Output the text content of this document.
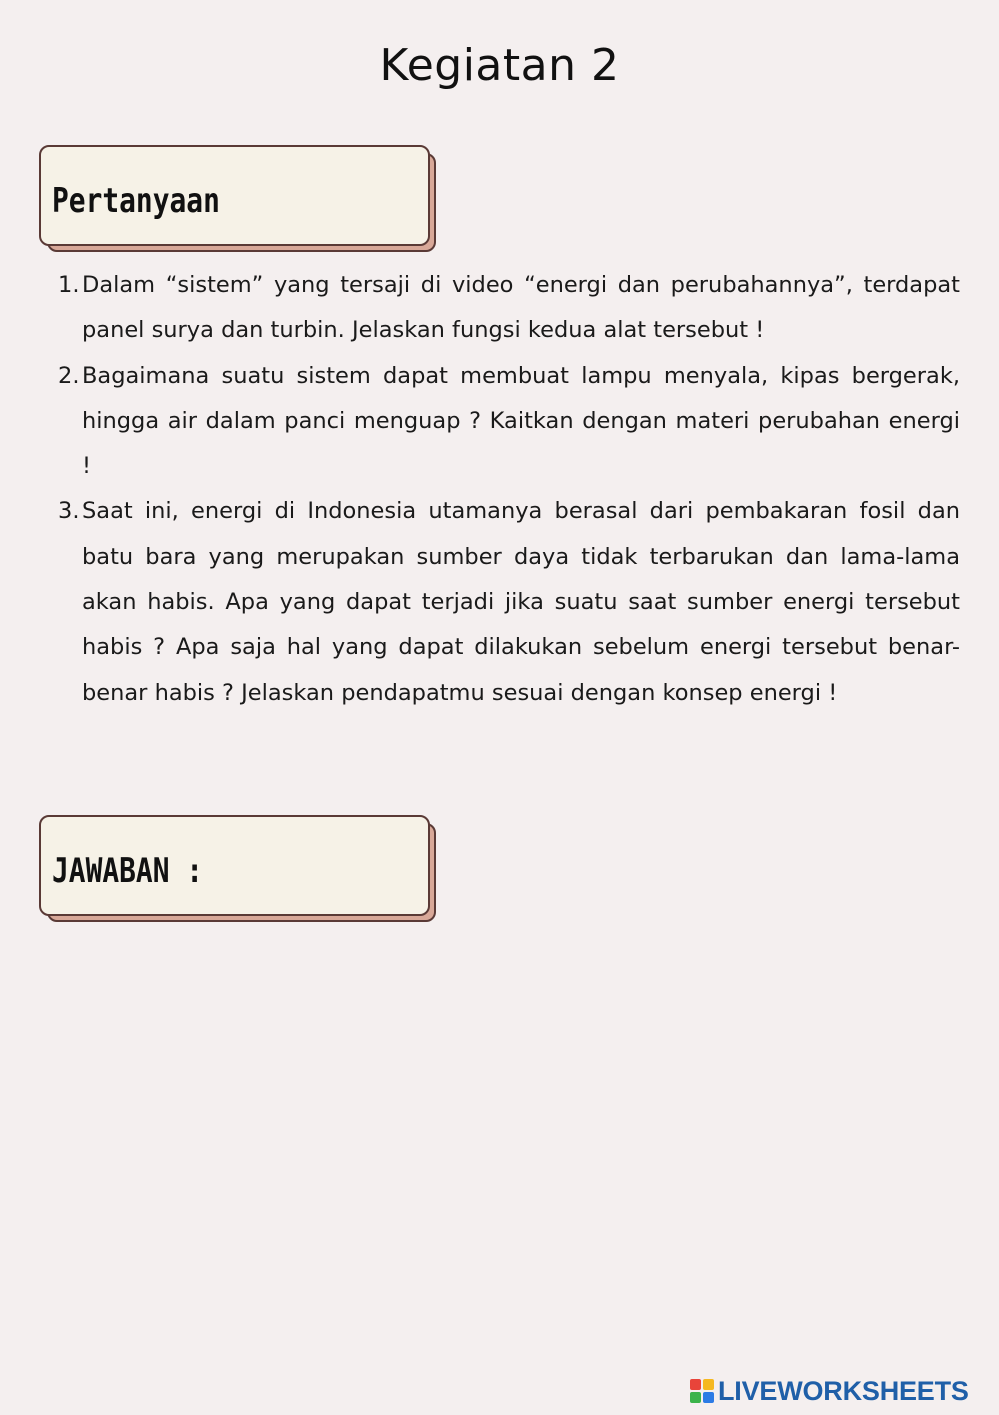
Kegiatan 2
Pertanyaan
1. Dalam “sistem” yang tersaji di video “energi dan perubahannya”, terdapat panel surya dan turbin. Jelaskan fungsi kedua alat tersebut !
2. Bagaimana suatu sistem dapat membuat lampu menyala, kipas bergerak, hingga air dalam panci menguap ? Kaitkan dengan materi perubahan energi !
3. Saat ini, energi di Indonesia utamanya berasal dari pembakaran fosil dan batu bara yang merupakan sumber daya tidak terbarukan dan lama-lama akan habis. Apa yang dapat terjadi jika suatu saat sumber energi tersebut habis ? Apa saja hal yang dapat dilakukan sebelum energi tersebut benar-benar habis ? Jelaskan pendapatmu sesuai dengan konsep energi !
JAWABAN :
LIVEWORKSHEETS
